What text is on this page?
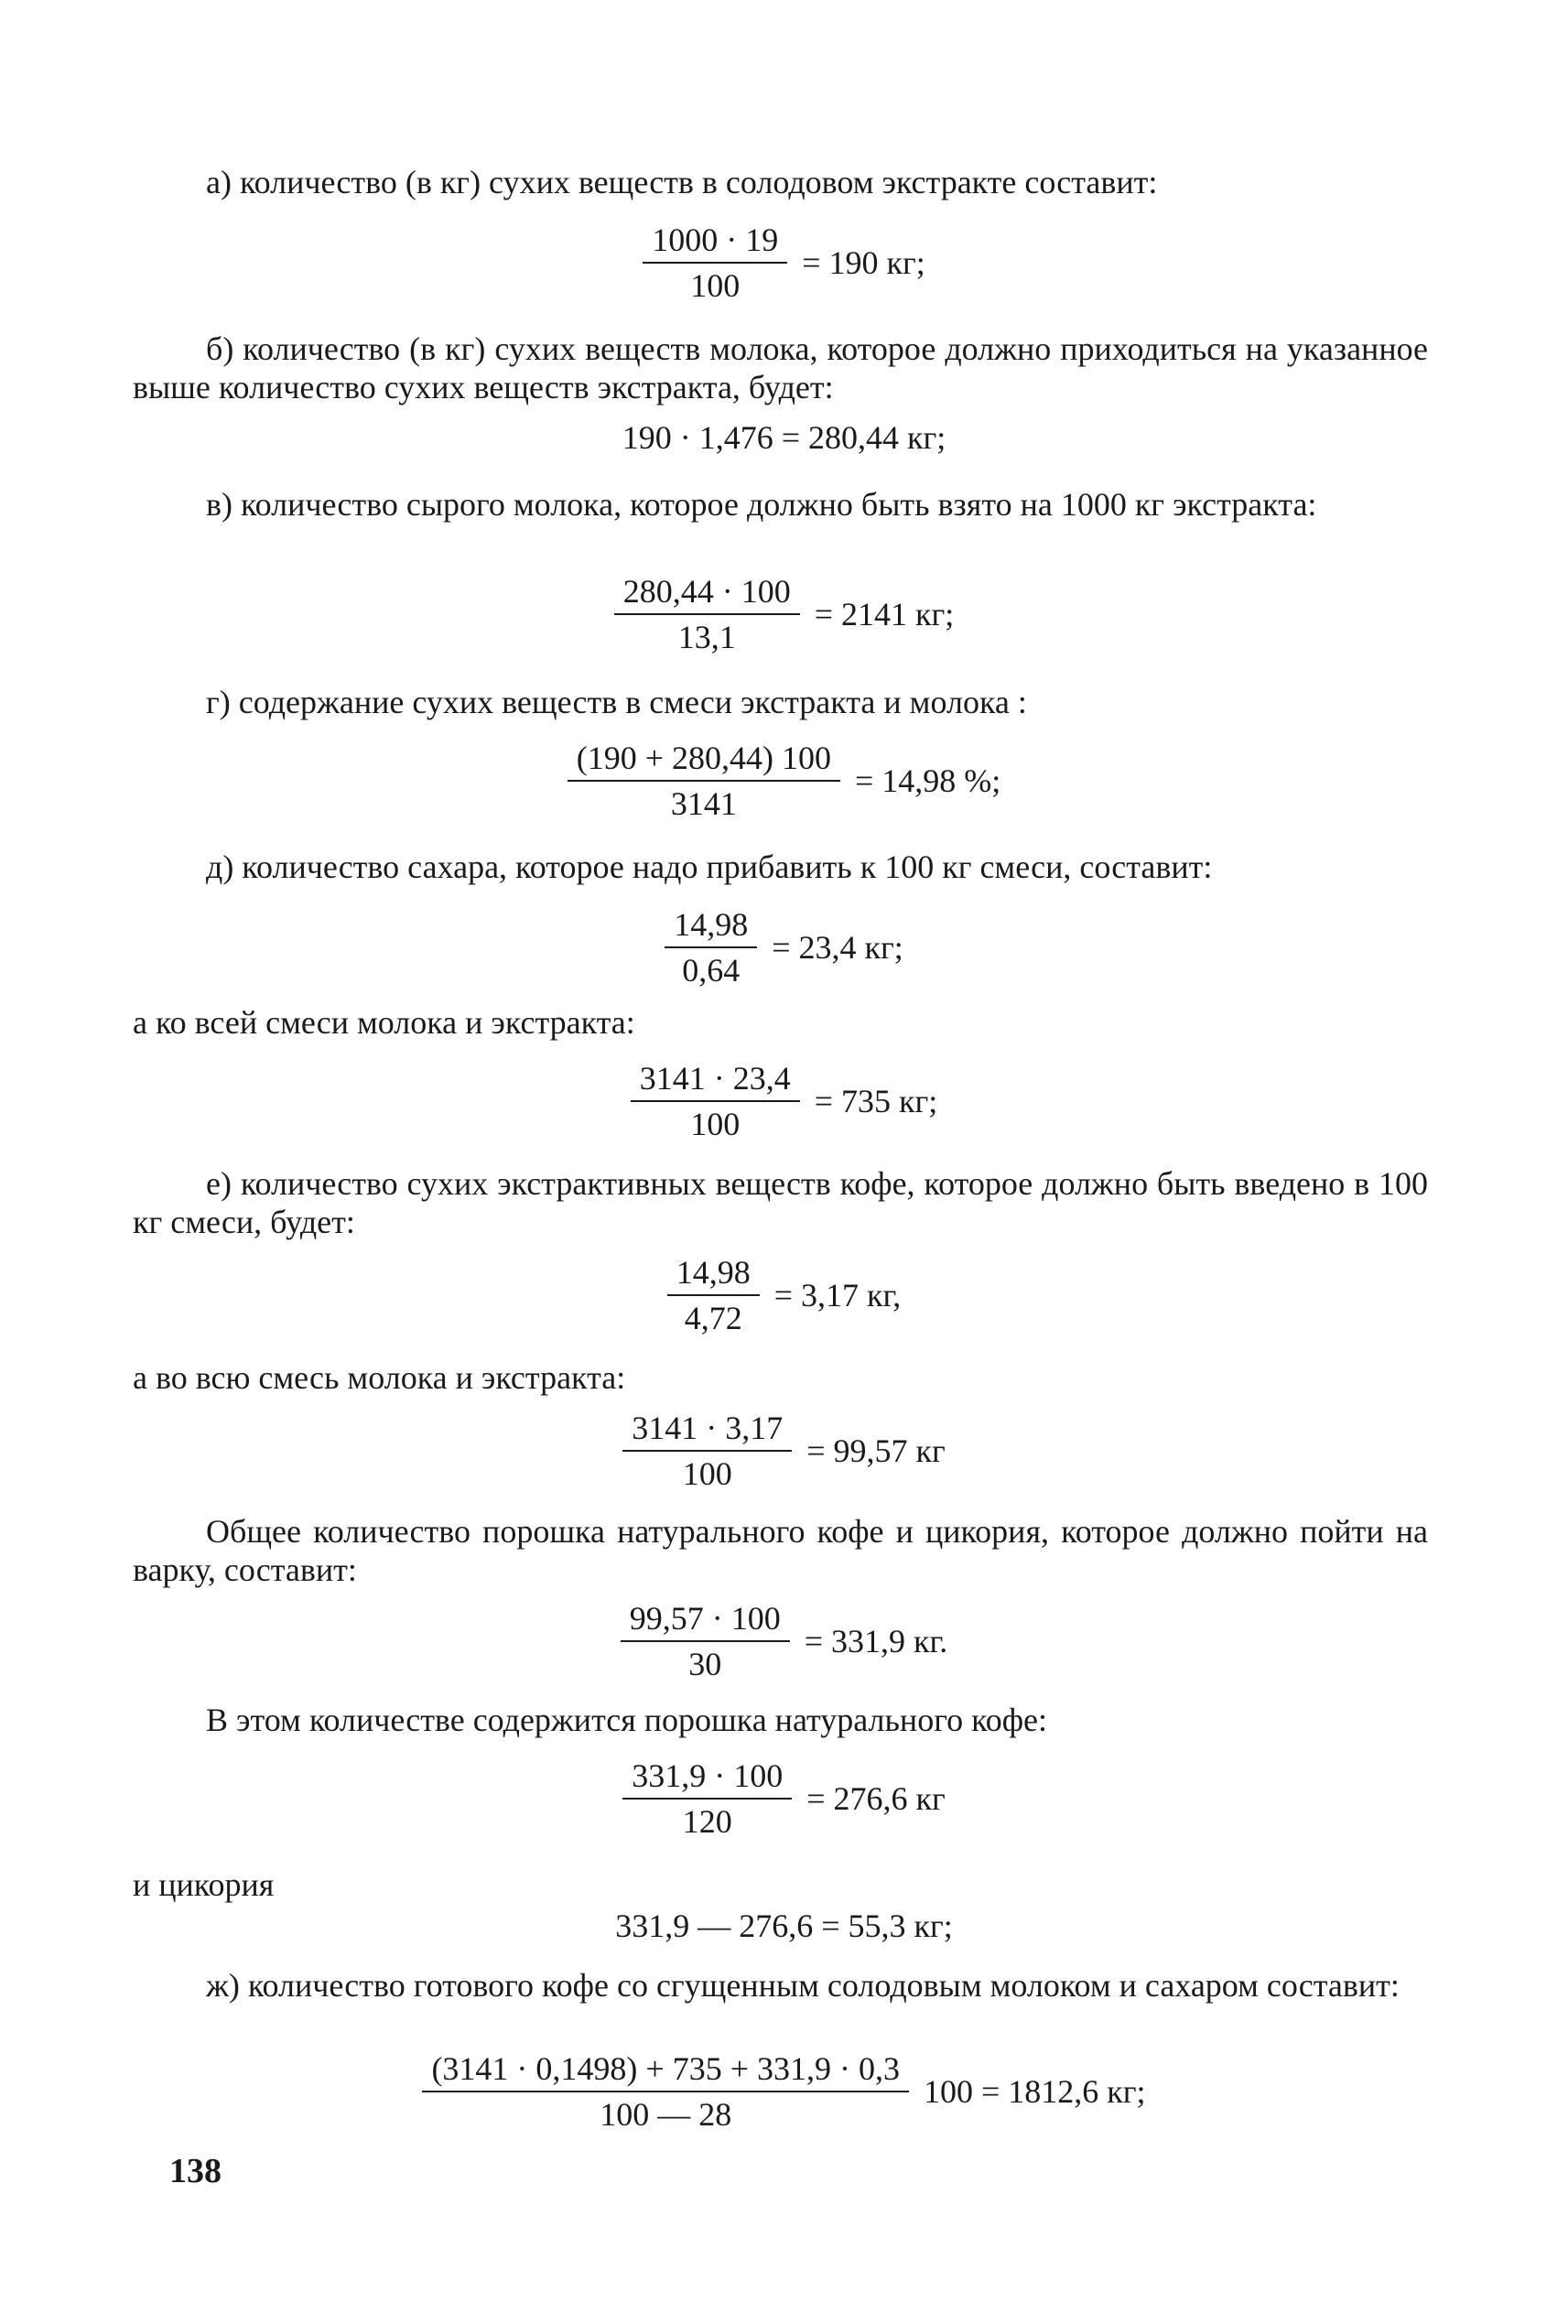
а) количество (в кг) сухих веществ в солодовом экстракте составит:

$\frac{1000 \cdot 19}{100} = 190$ кг;

б) количество (в кг) сухих веществ молока, которое должно приходиться на указанное выше количество сухих веществ экстракта, будет:

190 · 1,476 = 280,44 кг;

в) количество сырого молока, которое должно быть взято на 1000 кг экстракта:

$\frac{280,44 \cdot 100}{13,1} = 2141$ кг;

г) содержание сухих веществ в смеси экстракта и молока :

$\frac{(190 + 280,44) 100}{3141} = 14,98$ %;

д) количество сахара, которое надо прибавить к 100 кг смеси, составит:

$\frac{14,98}{0,64} = 23,4$ кг;

а ко всей смеси молока и экстракта:

$\frac{3141 \cdot 23,4}{100} = 735$ кг;

е) количество сухих экстрактивных веществ кофе, которое должно быть введено в 100 кг смеси, будет:

$\frac{14,98}{4,72} = 3,17$ кг,

а во всю смесь молока и экстракта:

$\frac{3141 \cdot 3,17}{100} = 99,57$ кг

Общее количество порошка натурального кофе и цикория, которое должно пойти на варку, составит:

$\frac{99,57 \cdot 100}{30} = 331,9$ кг.

В этом количестве содержится порошка натурального кофе:

$\frac{331,9 \cdot 100}{120} = 276,6$ кг

и цикория

331,9 — 276,6 = 55,3 кг;

ж) количество готового кофе со сгущенным солодовым молоком и сахаром составит:

$\frac{(3141 \cdot 0,1498) + 735 + 331,9 \cdot 0,3}{100 — 28} 100 = 1812,6$ кг;
138
